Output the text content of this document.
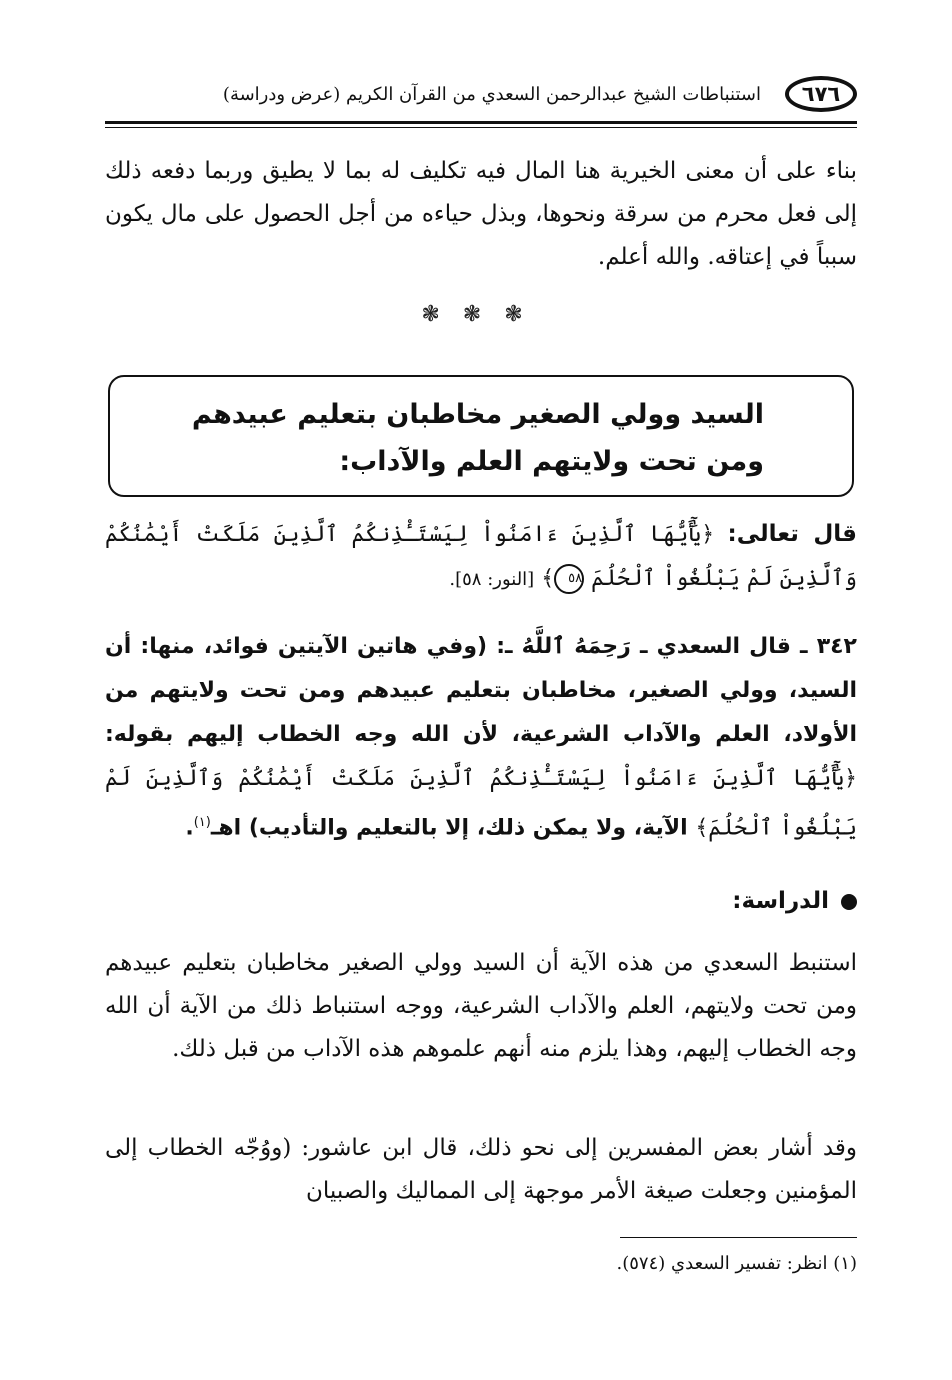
٦٧٦
استنباطات الشيخ عبدالرحمن السعدي من القرآن الكريم (عرض ودراسة)
بناء على أن معنى الخيرية هنا المال فيه تكليف له بما لا يطيق وربما دفعه ذلك إلى فعل محرم من سرقة ونحوها، وبذل حياءه من أجل الحصول على مال يكون سبباً في إعتاقه. والله أعلم.
❃ ❃ ❃
السيد وولي الصغير مخاطبان بتعليم عبيدهم
ومن تحت ولايتهم العلم والآداب:
قال تعالى: ﴿يَٰٓأَيُّهَا ٱلَّذِينَ ءَامَنُواْ لِيَسْتَـْٔذِنكُمُ ٱلَّذِينَ مَلَكَتْ أَيْمَٰنُكُمْ وَٱلَّذِينَ لَمْ يَبْلُغُواْ ٱلْحُلُمَ ٥٨﴾ [النور: ٥٨].
٣٤٢ ـ قال السعدي ـ رَحِمَهُ ٱللَّهُ ـ: (وفي هاتين الآيتين فوائد، منها: أن السيد، وولي الصغير، مخاطبان بتعليم عبيدهم ومن تحت ولايتهم من الأولاد، العلم والآداب الشرعية، لأن الله وجه الخطاب إليهم بقوله: ﴿يَٰٓأَيُّهَا ٱلَّذِينَ ءَامَنُواْ لِيَسْتَـْٔذِنكُمُ ٱلَّذِينَ مَلَكَتْ أَيْمَٰنُكُمْ وَٱلَّذِينَ لَمْ يَبْلُغُواْ ٱلْحُلُمَ﴾ الآية، ولا يمكن ذلك، إلا بالتعليم والتأديب) اهـ$^{(١)}$.
الدراسة:
استنبط السعدي من هذه الآية أن السيد وولي الصغير مخاطبان بتعليم عبيدهم ومن تحت ولايتهم، العلم والآداب الشرعية، ووجه استنباط ذلك من الآية أن الله وجه الخطاب إليهم، وهذا يلزم منه أنهم علموهم هذه الآداب من قبل ذلك.
وقد أشار بعض المفسرين إلى نحو ذلك، قال ابن عاشور: (ووُجّه الخطاب إلى المؤمنين وجعلت صيغة الأمر موجهة إلى المماليك والصبيان
(١) انظر: تفسير السعدي (٥٧٤).
